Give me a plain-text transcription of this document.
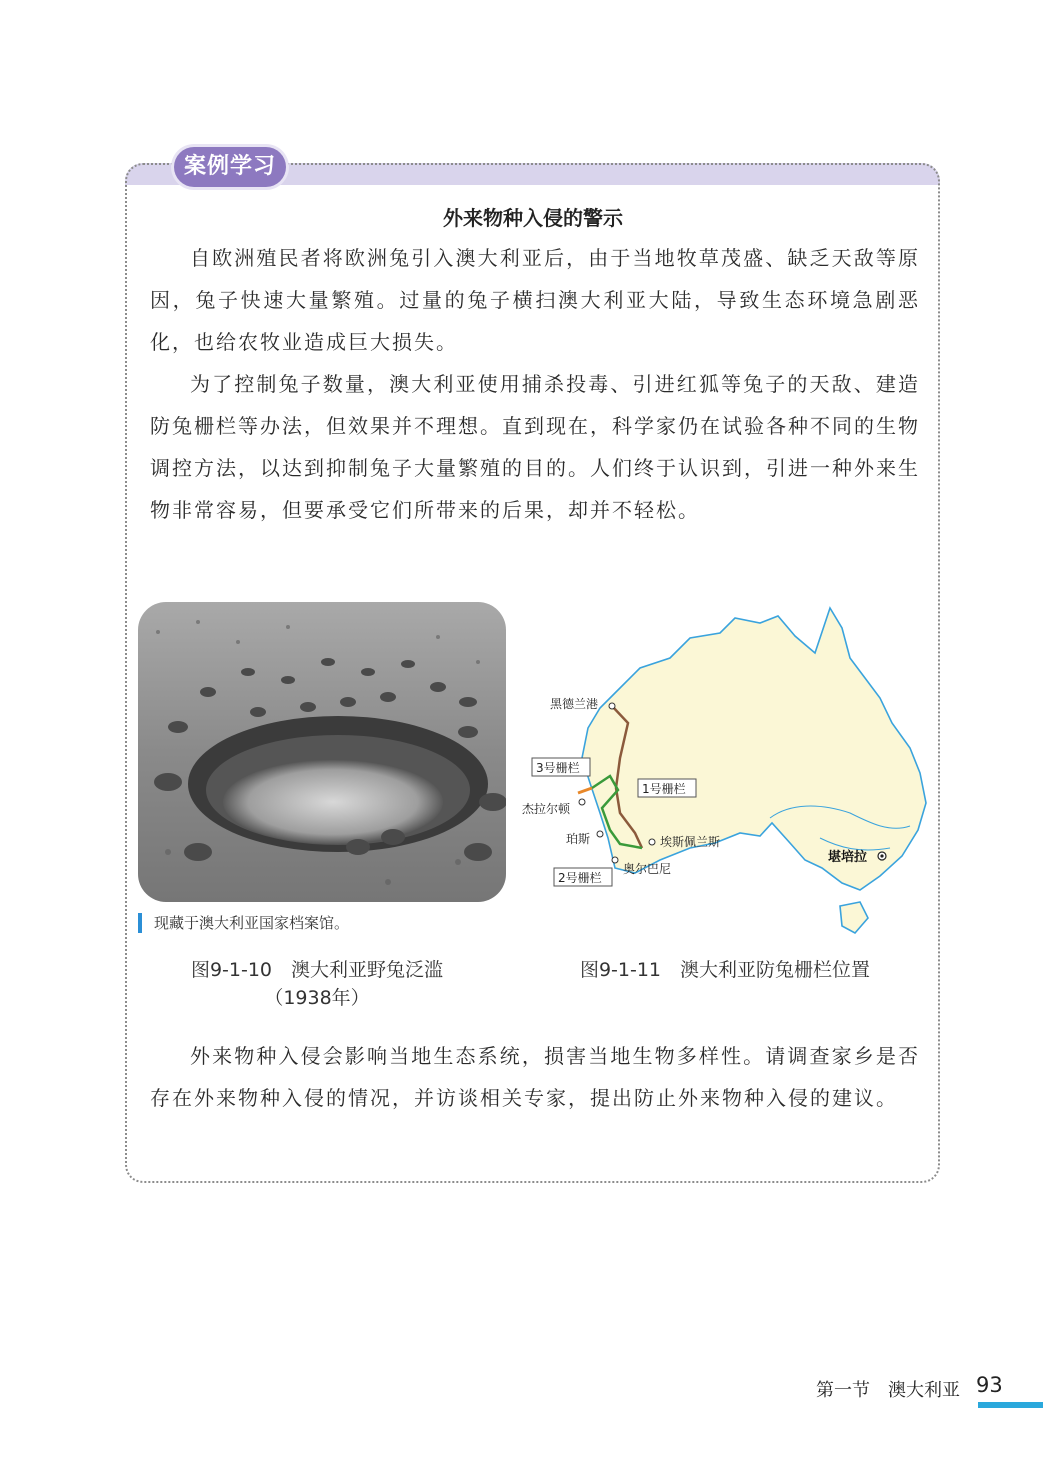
案例学习
外来物种入侵的警示

自欧洲殖民者将欧洲兔引入澳大利亚后，由于当地牧草茂盛、缺乏天敌等原因，兔子快速大量繁殖。过量的兔子横扫澳大利亚大陆，导致生态环境急剧恶化，也给农牧业造成巨大损失。

为了控制兔子数量，澳大利亚使用捕杀投毒、引进红狐等兔子的天敌、建造防兔栅栏等办法，但效果并不理想。直到现在，科学家仍在试验各种不同的生物调控方法，以达到抑制兔子大量繁殖的目的。人们终于认识到，引进一种外来生物非常容易，但要承受它们所带来的后果，却并不轻松。

现藏于澳大利亚国家档案馆。
图9-1-10　澳大利亚野兔泛滥
（1938年）
黑德兰港
3号栅栏
1号栅栏
杰拉尔顿
珀斯	埃斯佩兰斯
奥尔巴尼
2号栅栏
堪培拉
图9-1-11　澳大利亚防兔栅栏位置

外来物种入侵会影响当地生态系统，损害当地生物多样性。请调查家乡是否存在外来物种入侵的情况，并访谈相关专家，提出防止外来物种入侵的建议。

第一节　澳大利亚 93
